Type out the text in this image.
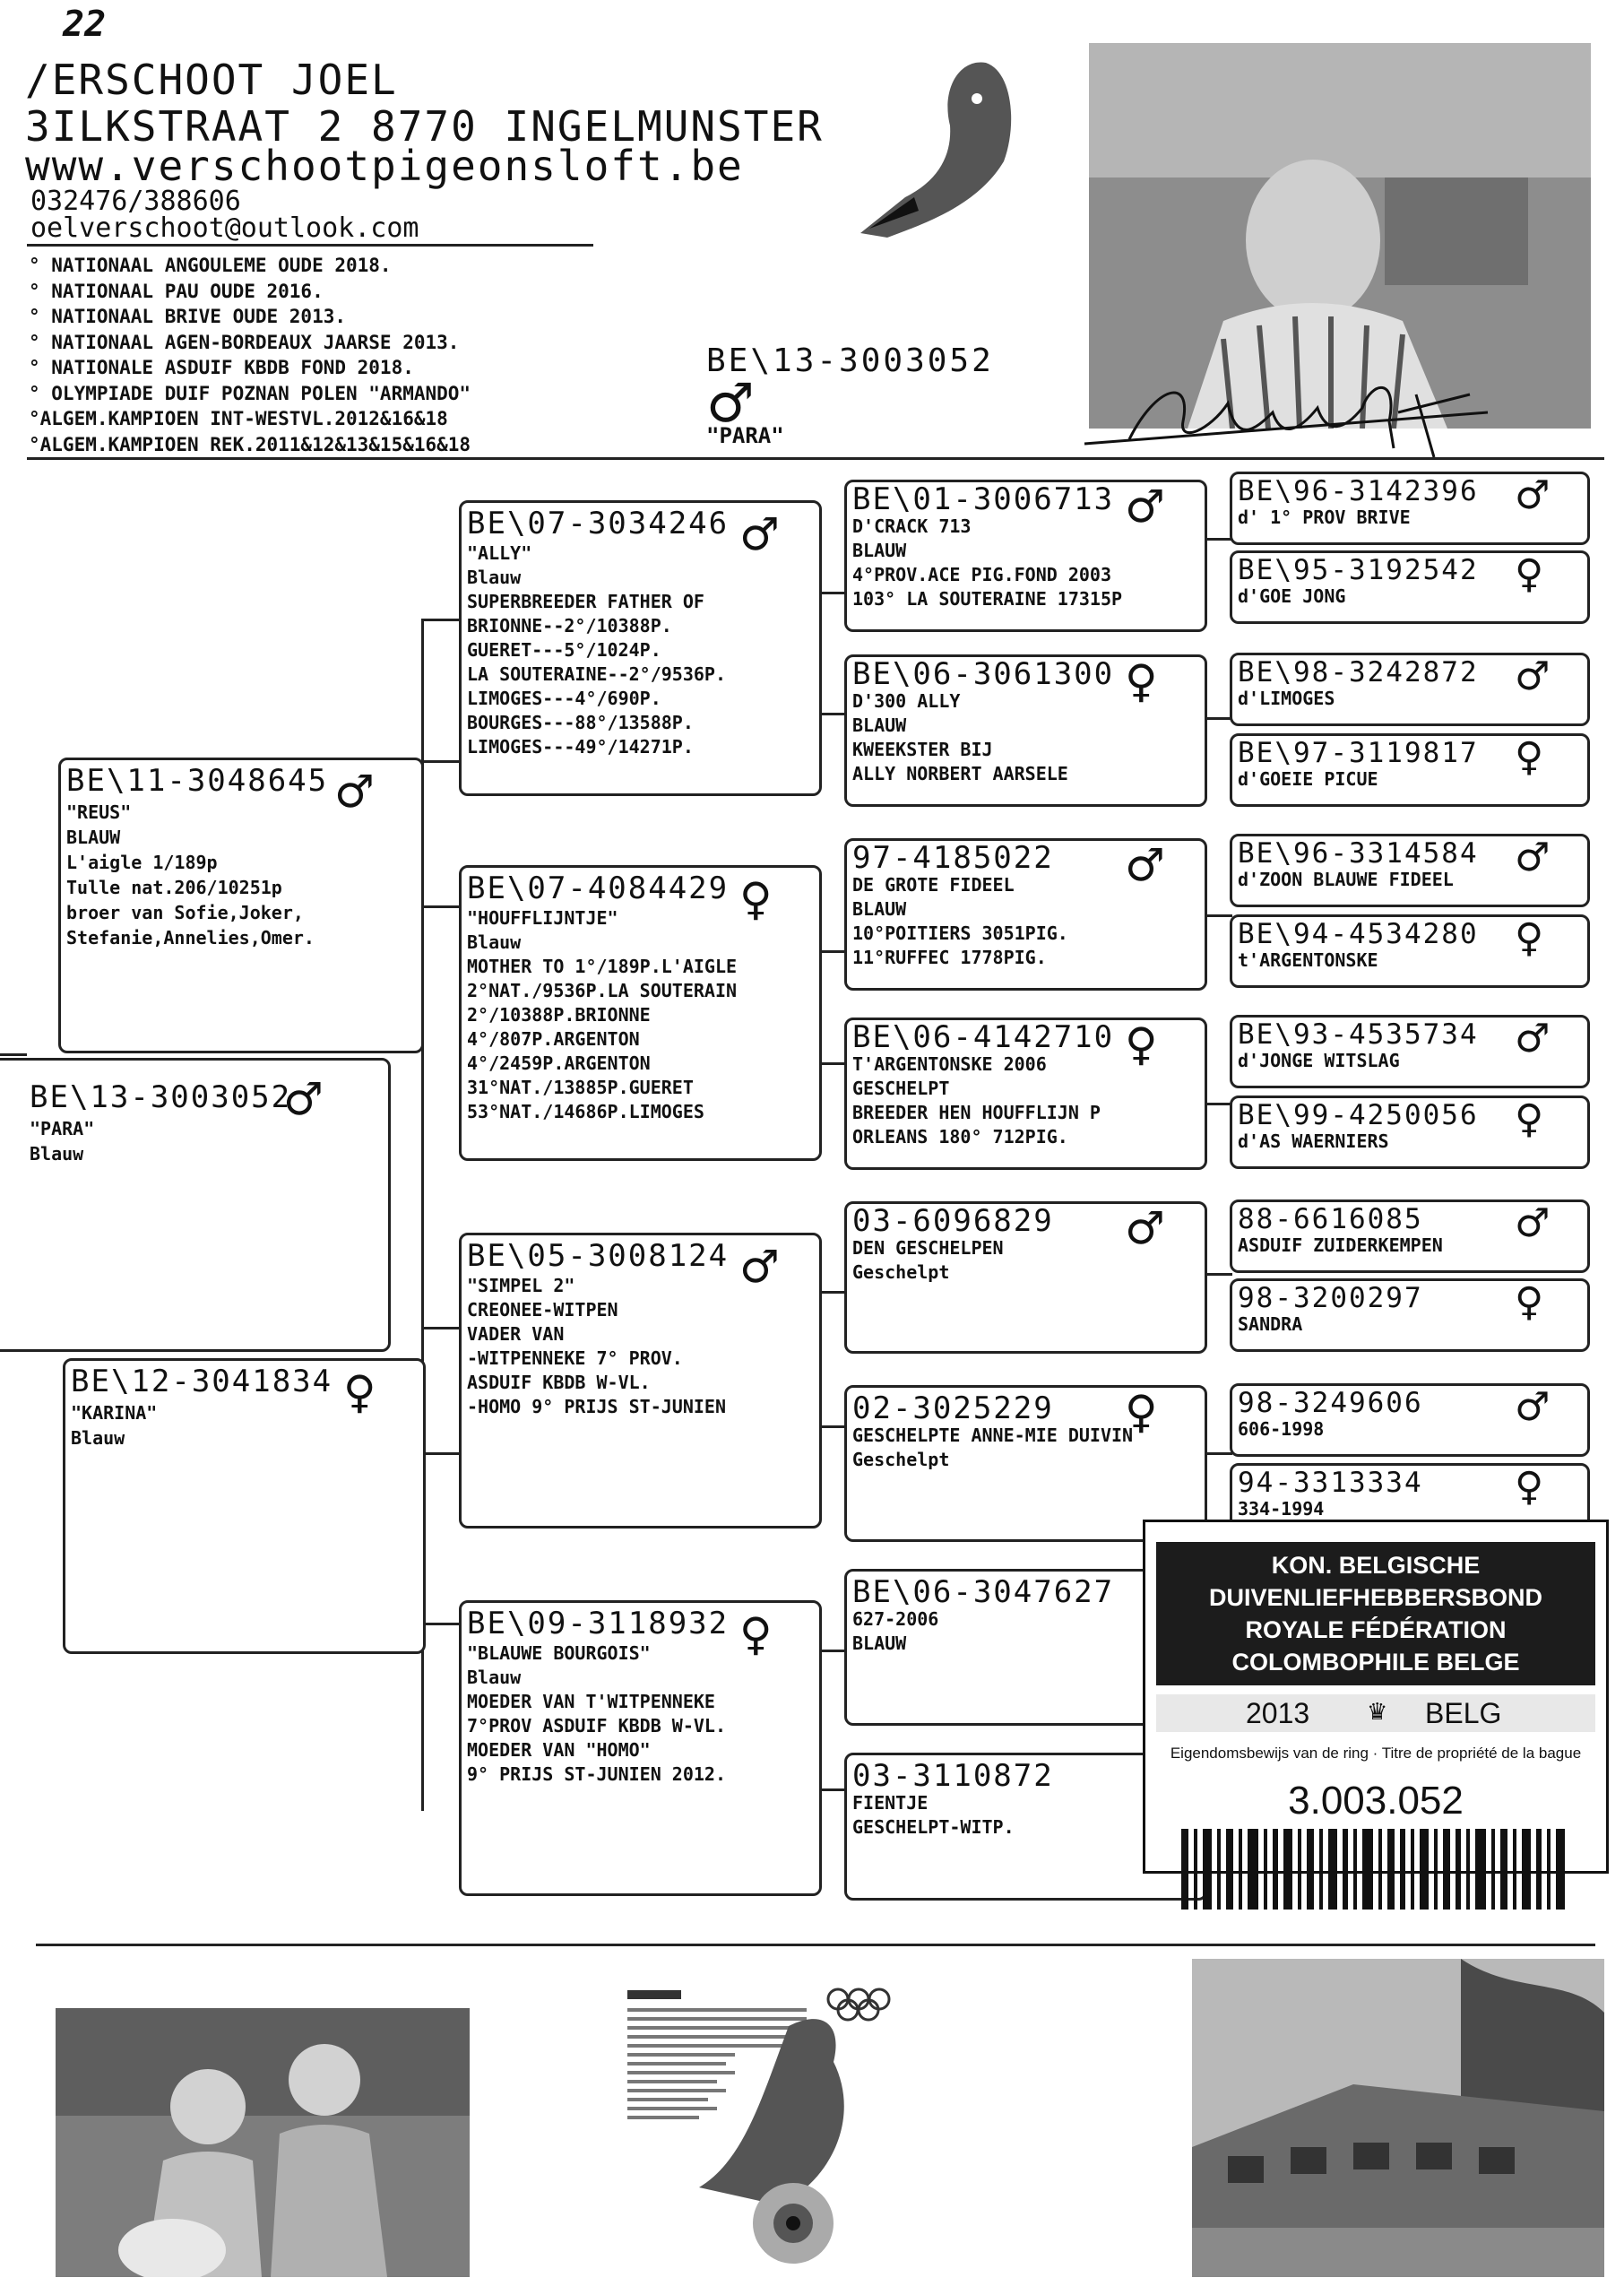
22
/ERSCHOOT JOEL
3ILKSTRAAT 2 8770 INGELMUNSTER
www.verschootpigeonsloft.be
032476/388606
oelverschoot@outlook.com
° NATIONAAL ANGOULEME OUDE 2018.
° NATIONAAL PAU OUDE 2016.
° NATIONAAL BRIVE OUDE 2013.
° NATIONAAL AGEN-BORDEAUX JAARSE 2013.
° NATIONALE ASDUIF KBDB FOND 2018.
° OLYMPIADE DUIF POZNAN POLEN "ARMANDO"
°ALGEM.KAMPIOEN INT-WESTVL.2012&16&18
°ALGEM.KAMPIOEN REK.2011&12&13&15&16&18
BE\13-3003052
♂
"PARA"
Verschoot
BE\13-3003052
♂
"PARA"
Blauw
BE\11-3048645 ♂
"REUS"
BLAUW
L'aigle 1/189p
Tulle nat.206/10251p
broer van Sofie,Joker,
Stefanie,Annelies,Omer.
BE\12-3041834 ♀
"KARINA"
Blauw
BE\07-3034246 ♂
"ALLY"
Blauw
SUPERBREEDER FATHER OF
BRIONNE--2°/10388P.
GUERET---5°/1024P.
LA SOUTERAINE--2°/9536P.
LIMOGES---4°/690P.
BOURGES---88°/13588P.
LIMOGES---49°/14271P.
BE\07-4084429 ♀
"HOUFFLIJNTJE"
Blauw
MOTHER TO 1°/189P.L'AIGLE
2°NAT./9536P.LA SOUTERAIN
2°/10388P.BRIONNE
4°/807P.ARGENTON
4°/2459P.ARGENTON
31°NAT./13885P.GUERET
53°NAT./14686P.LIMOGES
BE\05-3008124 ♂
"SIMPEL 2"
CREONEE-WITPEN
VADER VAN
-WITPENNEKE 7° PROV.
ASDUIF KBDB W-VL.
-HOMO 9° PRIJS ST-JUNIEN
BE\09-3118932 ♀
"BLAUWE BOURGOIS"
Blauw
MOEDER VAN T'WITPENNEKE
7°PROV ASDUIF KBDB W-VL.
MOEDER VAN "HOMO"
9° PRIJS ST-JUNIEN 2012.
BE\01-3006713 ♂
D'CRACK 713
BLAUW
4°PROV.ACE PIG.FOND 2003
103° LA SOUTERAINE 17315P
BE\06-3061300 ♀
D'300 ALLY
BLAUW
KWEEKSTER BIJ
ALLY NORBERT AARSELE
97-4185022	♂
DE GROTE FIDEEL
BLAUW
10°POITIERS 3051PIG.
11°RUFFEC 1778PIG.
BE\06-4142710 ♀
T'ARGENTONSKE 2006
GESCHELPT
BREEDER HEN HOUFFLIJN P
ORLEANS 180° 712PIG.
03-6096829	♂
DEN GESCHELPEN
Geschelpt
02-3025229	♀
GESCHELPTE ANNE-MIE DUIVIN
Geschelpt
BE\06-3047627
627-2006
BLAUW
03-3110872
FIENTJE
GESCHELPT-WITP.
BE\96-3142396 ♂
d' 1° PROV BRIVE
BE\95-3192542 ♀
d'GOE JONG
BE\98-3242872 ♂
d'LIMOGES
BE\97-3119817 ♀
d'GOEIE PICUE
BE\96-3314584 ♂
d'ZOON BLAUWE FIDEEL
BE\94-4534280 ♀
t'ARGENTONSKE
BE\93-4535734 ♂
d'JONGE WITSLAG
BE\99-4250056 ♀
d'AS WAERNIERS
88-6616085	♂
ASDUIF ZUIDERKEMPEN
98-3200297	♀
SANDRA
98-3249606	♂
606-1998
94-3313334	♀
334-1994
KON. BELGISCHE DUIVENLIEFHEBBERSBOND
ROYALE FÉDÉRATION COLOMBOPHILE BELGE
2013 ♛ BELG
Eigendomsbewijs van de ring · Titre de propriété de la bague
3.003.052
